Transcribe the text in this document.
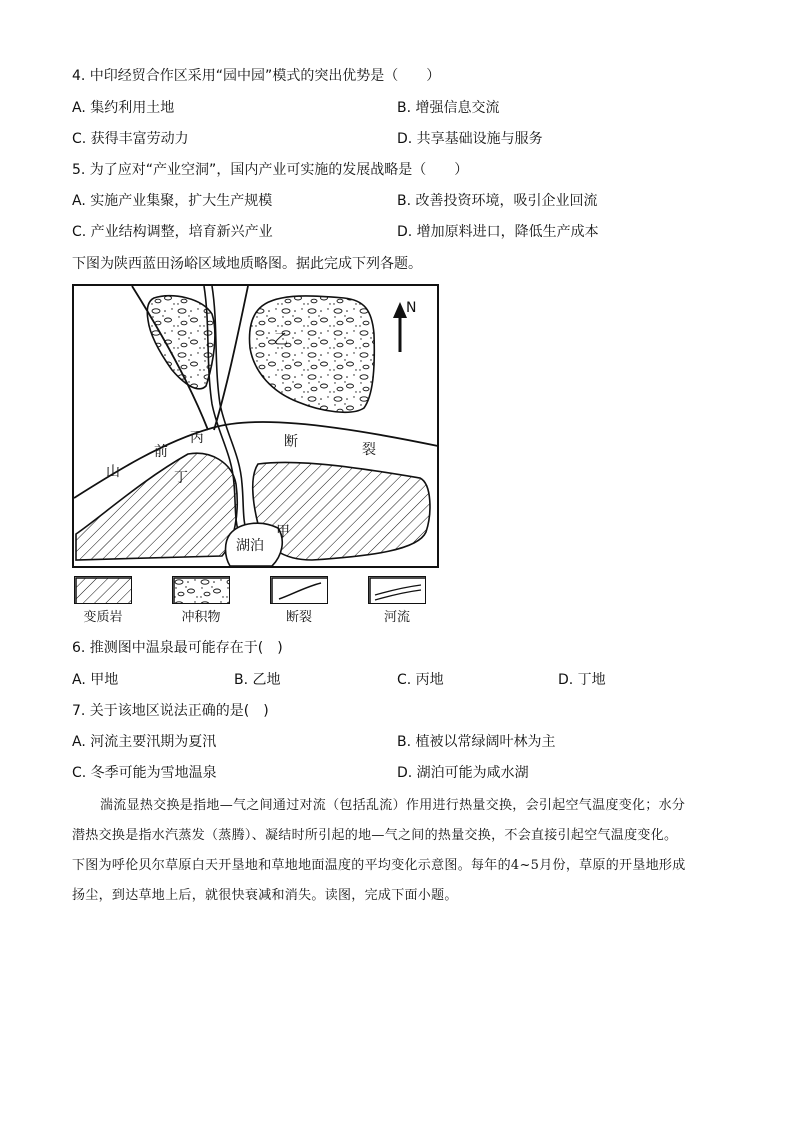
4. 中印经贸合作区采用“园中园”模式的突出优势是（　　）
A. 集约利用土地	B. 增强信息交流
C. 获得丰富劳动力	D. 共享基础设施与服务
5. 为了应对“产业空洞”，国内产业可实施的发展战略是（　　）
A. 实施产业集聚，扩大生产规模	B. 改善投资环境，吸引企业回流
C. 产业结构调整，培育新兴产业	D. 增加原料进口，降低生产成本
下图为陕西蓝田汤峪区域地质略图。据此完成下列各题。
N
乙
丙
前
断	裂
山	丁
甲
湖泊
变质岩	冲积物	断裂	河流
6. 推测图中温泉最可能存在于(　)
A. 甲地	B. 乙地	C. 丙地	D. 丁地
7. 关于该地区说法正确的是(　)
A. 河流主要汛期为夏汛	B. 植被以常绿阔叶林为主
C. 冬季可能为雪地温泉	D. 湖泊可能为咸水湖
湍流显热交换是指地—气之间通过对流（包括乱流）作用进行热量交换，会引起空气温度变化；水分
潜热交换是指水汽蒸发（蒸腾）、凝结时所引起的地—气之间的热量交换，不会直接引起空气温度变化。
下图为呼伦贝尔草原白天开垦地和草地地面温度的平均变化示意图。每年的4~5月份，草原的开垦地形成
扬尘，到达草地上后，就很快衰减和消失。读图，完成下面小题。
